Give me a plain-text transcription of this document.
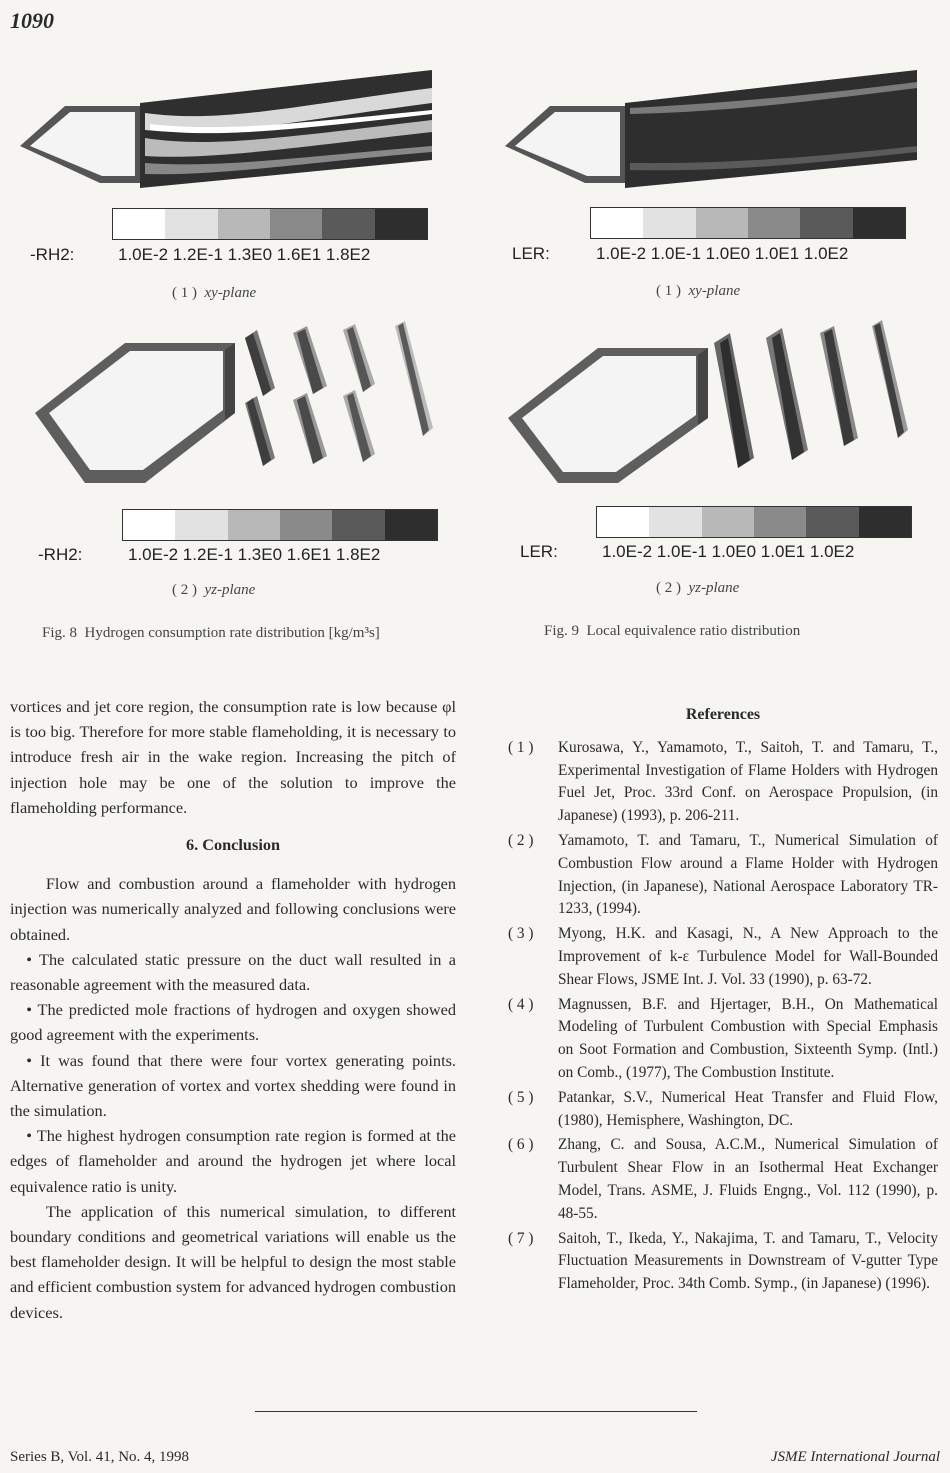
1090
-RH2:	1.0E-2 1.2E-1 1.3E0 1.6E1 1.8E2
( 1 ) xy-plane
LER:	1.0E-2 1.0E-1 1.0E0 1.0E1 1.0E2
( 1 ) xy-plane
-RH2:	1.0E-2 1.2E-1 1.3E0 1.6E1 1.8E2
( 2 ) yz-plane
LER:	1.0E-2 1.0E-1 1.0E0 1.0E1 1.0E2
( 2 ) yz-plane
Fig. 8 Hydrogen consumption rate distribution [kg/m³s]	Fig. 9 Local equivalence ratio distribution

vortices and jet core region, the consumption rate is low because φl is too big. Therefore for more stable flameholding, it is necessary to introduce fresh air in the wake region. Increasing the pitch of injection hole may be one of the solution to improve the flameholding performance.

6. Conclusion

Flow and combustion around a flameholder with hydrogen injection was numerically analyzed and following conclusions were obtained.

• The calculated static pressure on the duct wall resulted in a reasonable agreement with the measured data.

• The predicted mole fractions of hydrogen and oxygen showed good agreement with the experiments.

• It was found that there were four vortex generating points. Alternative generation of vortex and vortex shedding were found in the simulation.

• The highest hydrogen consumption rate region is formed at the edges of flameholder and around the hydrogen jet where local equivalence ratio is unity.

The application of this numerical simulation, to different boundary conditions and geometrical variations will enable us the best flameholder design. It will be helpful to design the most stable and efficient combustion system for advanced hydrogen combustion devices.

References
( 1 )	Kurosawa, Y., Yamamoto, T., Saitoh, T. and Tamaru, T., Experimental Investigation of Flame Holders with Hydrogen Fuel Jet, Proc. 33rd Conf. on Aerospace Propulsion, (in Japanese) (1993), p. 206-211.
( 2 )	Yamamoto, T. and Tamaru, T., Numerical Simulation of Combustion Flow around a Flame Holder with Hydrogen Injection, (in Japanese), National Aerospace Laboratory TR-1233, (1994).
( 3 )	Myong, H.K. and Kasagi, N., A New Approach to the Improvement of k-ε Turbulence Model for Wall-Bounded Shear Flows, JSME Int. J. Vol. 33 (1990), p. 63-72.
( 4 )	Magnussen, B.F. and Hjertager, B.H., On Mathematical Modeling of Turbulent Combustion with Special Emphasis on Soot Formation and Combustion, Sixteenth Symp. (Intl.) on Comb., (1977), The Combustion Institute.
( 5 )	Patankar, S.V., Numerical Heat Transfer and Fluid Flow, (1980), Hemisphere, Washington, DC.
( 6 )	Zhang, C. and Sousa, A.C.M., Numerical Simulation of Turbulent Shear Flow in an Isothermal Heat Exchanger Model, Trans. ASME, J. Fluids Engng., Vol. 112 (1990), p. 48-55.
( 7 )	Saitoh, T., Ikeda, Y., Nakajima, T. and Tamaru, T., Velocity Fluctuation Measurements in Downstream of V-gutter Type Flameholder, Proc. 34th Comb. Symp., (in Japanese) (1996).
Series B, Vol. 41, No. 4, 1998	JSME International Journal
